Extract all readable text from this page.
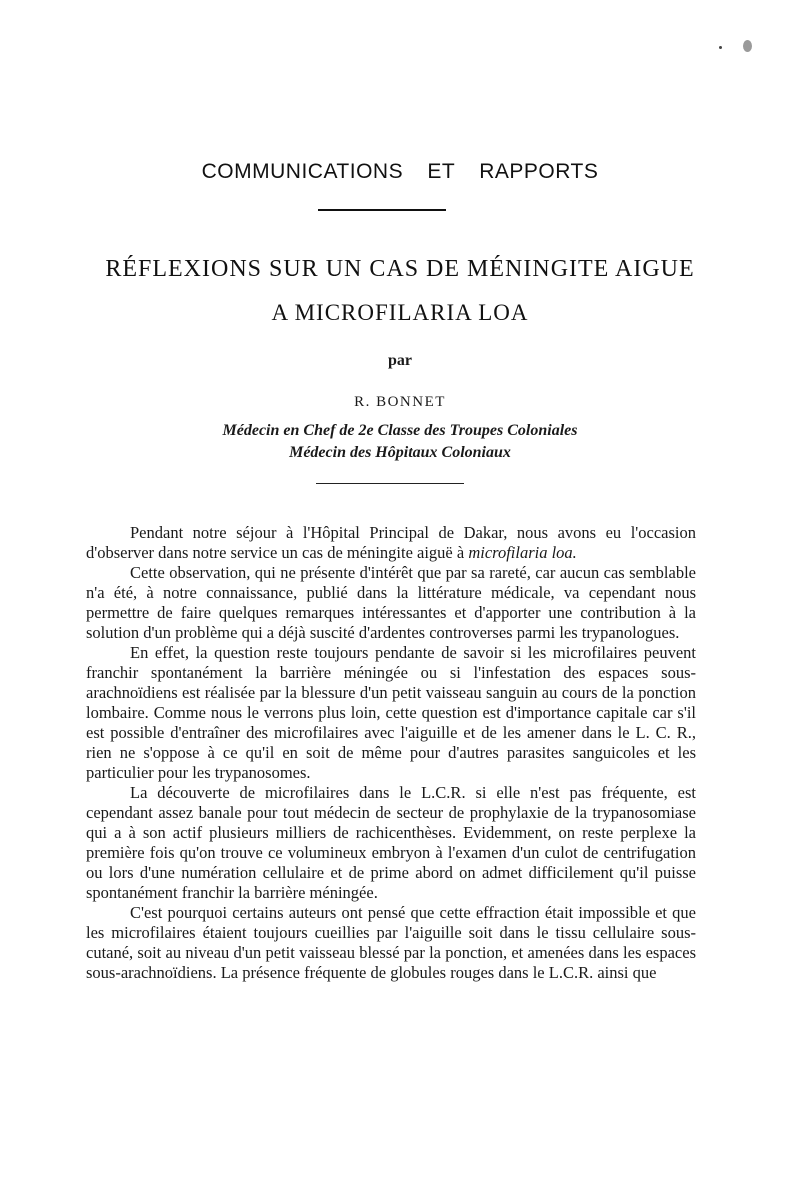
COMMUNICATIONS ET RAPPORTS
RÉFLEXIONS SUR UN CAS DE MÉNINGITE AIGUE
A MICROFILARIA LOA
par
R. BONNET
Médecin en Chef de 2e Classe des Troupes Coloniales
Médecin des Hôpitaux Coloniaux

Pendant notre séjour à l'Hôpital Principal de Dakar, nous avons eu l'occasion d'observer dans notre service un cas de méningite aiguë à microfilaria loa.

Cette observation, qui ne présente d'intérêt que par sa rareté, car aucun cas semblable n'a été, à notre connaissance, publié dans la littérature médicale, va cependant nous permettre de faire quelques remarques intéressantes et d'apporter une contribution à la solution d'un problème qui a déjà suscité d'ardentes controverses parmi les trypanologues.

En effet, la question reste toujours pendante de savoir si les microfilaires peuvent franchir spontanément la barrière méningée ou si l'infestation des espaces sous-arachnoïdiens est réalisée par la blessure d'un petit vaisseau sanguin au cours de la ponction lombaire. Comme nous le verrons plus loin, cette question est d'importance capitale car s'il est possible d'entraîner des microfilaires avec l'aiguille et de les amener dans le L. C. R., rien ne s'oppose à ce qu'il en soit de même pour d'autres parasites sanguicoles et les particulier pour les trypanosomes.

La découverte de microfilaires dans le L.C.R. si elle n'est pas fréquente, est cependant assez banale pour tout médecin de secteur de prophylaxie de la trypanosomiase qui a à son actif plusieurs milliers de rachicenthèses. Evidemment, on reste perplexe la première fois qu'on trouve ce volumineux embryon à l'examen d'un culot de centrifugation ou lors d'une numération cellulaire et de prime abord on admet difficilement qu'il puisse spontanément franchir la barrière méningée.

C'est pourquoi certains auteurs ont pensé que cette effraction était impossible et que les microfilaires étaient toujours cueillies par l'aiguille soit dans le tissu cellulaire sous-cutané, soit au niveau d'un petit vaisseau blessé par la ponction, et amenées dans les espaces sous-arachnoïdiens. La présence fréquente de globules rouges dans le L.C.R. ainsi que
